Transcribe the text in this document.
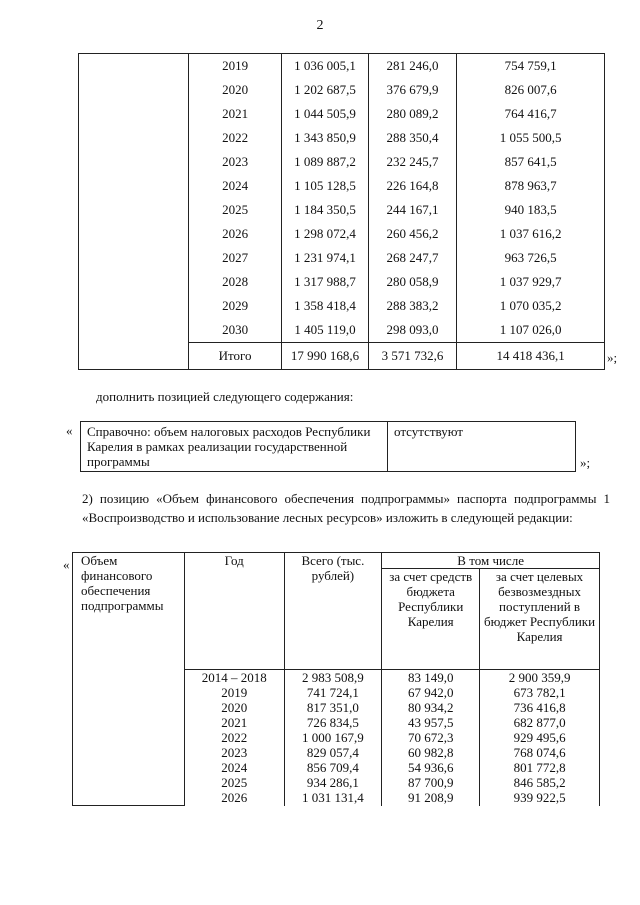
2
	2019	1 036 005,1	281 246,0	754 759,1
	2020	1 202 687,5	376 679,9	826 007,6
	2021	1 044 505,9	280 089,2	764 416,7
	2022	1 343 850,9	288 350,4	1 055 500,5
	2023	1 089 887,2	232 245,7	857 641,5
	2024	1 105 128,5	226 164,8	878 963,7
	2025	1 184 350,5	244 167,1	940 183,5
	2026	1 298 072,4	260 456,2	1 037 616,2
	2027	1 231 974,1	268 247,7	963 726,5
	2028	1 317 988,7	280 058,9	1 037 929,7
	2029	1 358 418,4	288 383,2	1 070 035,2
	2030	1 405 119,0	298 093,0	1 107 026,0
	Итого	17 990 168,6	3 571 732,6	14 418 436,1	»;
дополнить позицией следующего содержания:
« Справочно: объем налоговых расходов Республики Карелия в рамках реализации государственной программы	отсутствуют
»;
2) позицию «Объем финансового обеспечения подпрограммы» паспорта подпрограммы 1 «Воспроизводство и использование лесных ресурсов» изложить в следующей редакции:
« Объем финансового обеспечения подпрограммы	Год	Всего (тыс. рублей)	В том числе	
			за счет средств бюджета Республики Карелия	за счет целевых безвозмездных поступлений в бюджет Республики Карелия
	2014 – 2018	2 983 508,9	83 149,0	2 900 359,9
	2019	741 724,1	67 942,0	673 782,1
	2020	817 351,0	80 934,2	736 416,8
	2021	726 834,5	43 957,5	682 877,0
	2022	1 000 167,9	70 672,3	929 495,6
	2023	829 057,4	60 982,8	768 074,6
	2024	856 709,4	54 936,6	801 772,8
	2025	934 286,1	87 700,9	846 585,2
	2026	1 031 131,4	91 208,9	939 922,5
